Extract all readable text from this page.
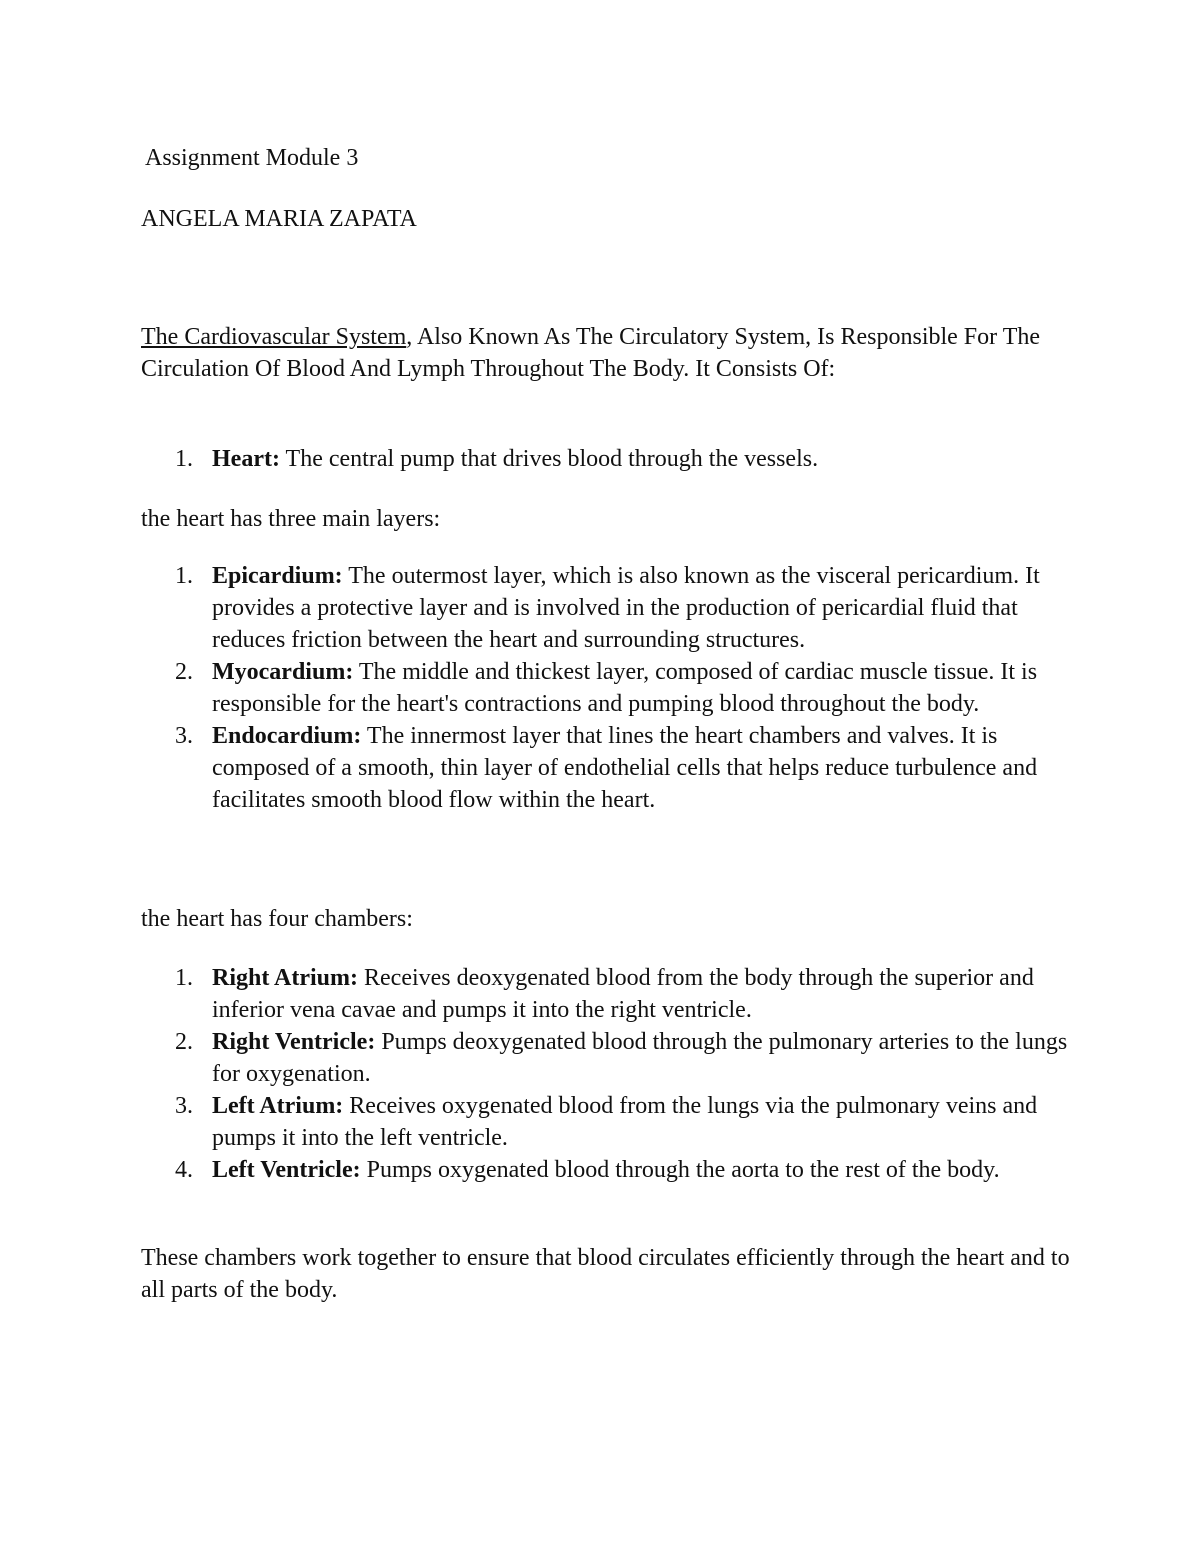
Assignment Module 3
ANGELA MARIA ZAPATA
The Cardiovascular System, Also Known As The Circulatory System, Is Responsible For The Circulation Of Blood And Lymph Throughout The Body. It Consists Of:
1. Heart: The central pump that drives blood through the vessels.
the heart has three main layers:
1. Epicardium: The outermost layer, which is also known as the visceral pericardium. It provides a protective layer and is involved in the production of pericardial fluid that reduces friction between the heart and surrounding structures.
2. Myocardium: The middle and thickest layer, composed of cardiac muscle tissue. It is responsible for the heart's contractions and pumping blood throughout the body.
3. Endocardium: The innermost layer that lines the heart chambers and valves. It is composed of a smooth, thin layer of endothelial cells that helps reduce turbulence and facilitates smooth blood flow within the heart.
the heart has four chambers:
1. Right Atrium: Receives deoxygenated blood from the body through the superior and inferior vena cavae and pumps it into the right ventricle.
2. Right Ventricle: Pumps deoxygenated blood through the pulmonary arteries to the lungs for oxygenation.
3. Left Atrium: Receives oxygenated blood from the lungs via the pulmonary veins and pumps it into the left ventricle.
4. Left Ventricle: Pumps oxygenated blood through the aorta to the rest of the body.
These chambers work together to ensure that blood circulates efficiently through the heart and to all parts of the body.
